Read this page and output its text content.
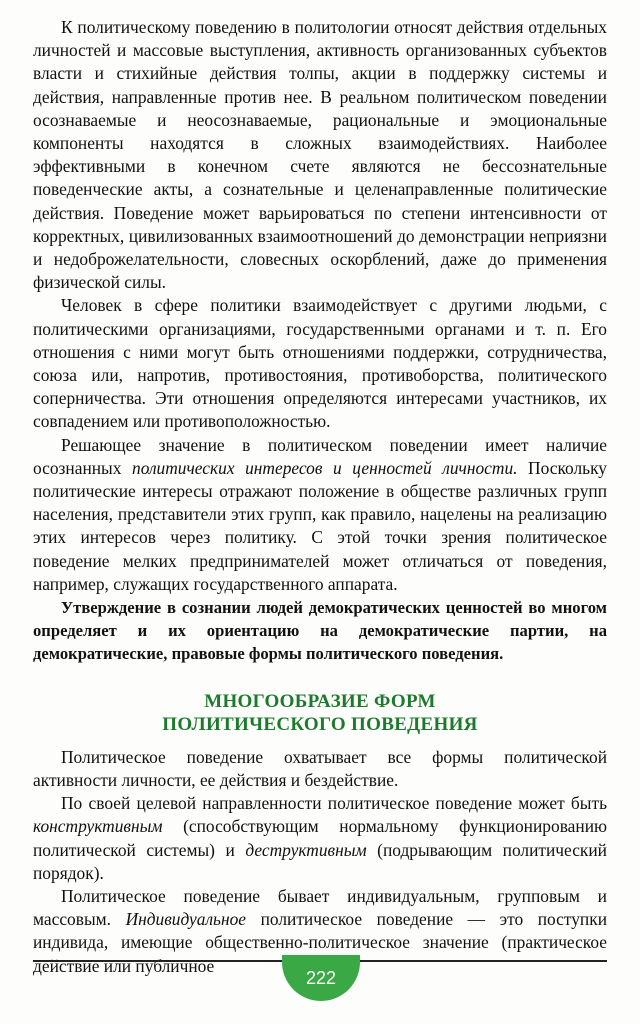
К политическому поведению в политологии относят действия отдельных личностей и массовые выступления, активность организованных субъектов власти и стихийные действия толпы, акции в поддержку системы и действия, направленные против нее. В реальном политическом поведении осознаваемые и неосознаваемые, рациональные и эмоциональные компоненты находятся в сложных взаимодействиях. Наиболее эффективными в конечном счете являются не бессознательные поведенческие акты, а сознательные и целенаправленные политические действия. Поведение может варьироваться по степени интенсивности от корректных, цивилизованных взаимоотношений до демонстрации неприязни и недоброжелательности, словесных оскорблений, даже до применения физической силы.

Человек в сфере политики взаимодействует с другими людьми, с политическими организациями, государственными органами и т. п. Его отношения с ними могут быть отношениями поддержки, сотрудничества, союза или, напротив, противостояния, противоборства, политического соперничества. Эти отношения определяются интересами участников, их совпадением или противоположностью.

Решающее значение в политическом поведении имеет наличие осознанных политических интересов и ценностей личности. Поскольку политические интересы отражают положение в обществе различных групп населения, представители этих групп, как правило, нацелены на реализацию этих интересов через политику. С этой точки зрения политическое поведение мелких предпринимателей может отличаться от поведения, например, служащих государственного аппарата.

Утверждение в сознании людей демократических ценностей во многом определяет и их ориентацию на демократические партии, на демократические, правовые формы политического поведения.

МНОГООБРАЗИЕ ФОРМ
ПОЛИТИЧЕСКОГО ПОВЕДЕНИЯ

Политическое поведение охватывает все формы политической активности личности, ее действия и бездействие.

По своей целевой направленности политическое поведение может быть конструктивным (способствующим нормальному функционированию политической системы) и деструктивным (подрывающим политический порядок).

Политическое поведение бывает индивидуальным, групповым и массовым. Индивидуальное политическое поведение — это поступки индивида, имеющие общественно-политическое значение (практическое действие или публичное

222
